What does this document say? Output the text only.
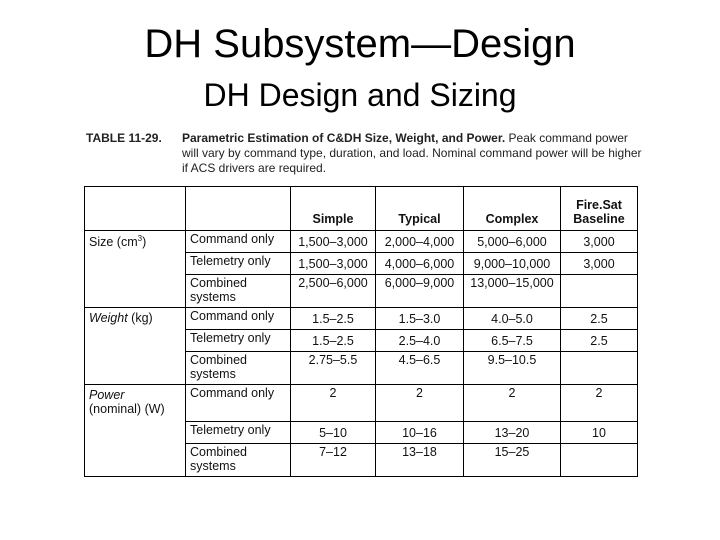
DH Subsystem—Design
DH Design and Sizing
TABLE 11-29. Parametric Estimation of C&DH Size, Weight, and Power. Peak command power will vary by command type, duration, and load. Nominal command power will be higher if ACS drivers are required.
		Simple	Typical	Complex	Fire.Sat
Baseline
Size $(cm^3)$	Command only	1,500–3,000	2,000–4,000	5,000–6,000	3,000
	Telemetry only	1,500–3,000	4,000–6,000	9,000–10,000	3,000
	Combined
systems	2,500–6,000	6,000–9,000	13,000–15,000	
Weight (kg)	Command only	1.5–2.5	1.5–3.0	4.0–5.0	2.5
	Telemetry only	1.5–2.5	2.5–4.0	6.5–7.5	2.5
	Combined
systems	2.75–5.5	4.5–6.5	9.5–10.5	
Power
(nominal) (W)	Command only	2	2	2	2
	Telemetry only	5–10	10–16	13–20	10
	Combined
systems	7–12	13–18	15–25	
